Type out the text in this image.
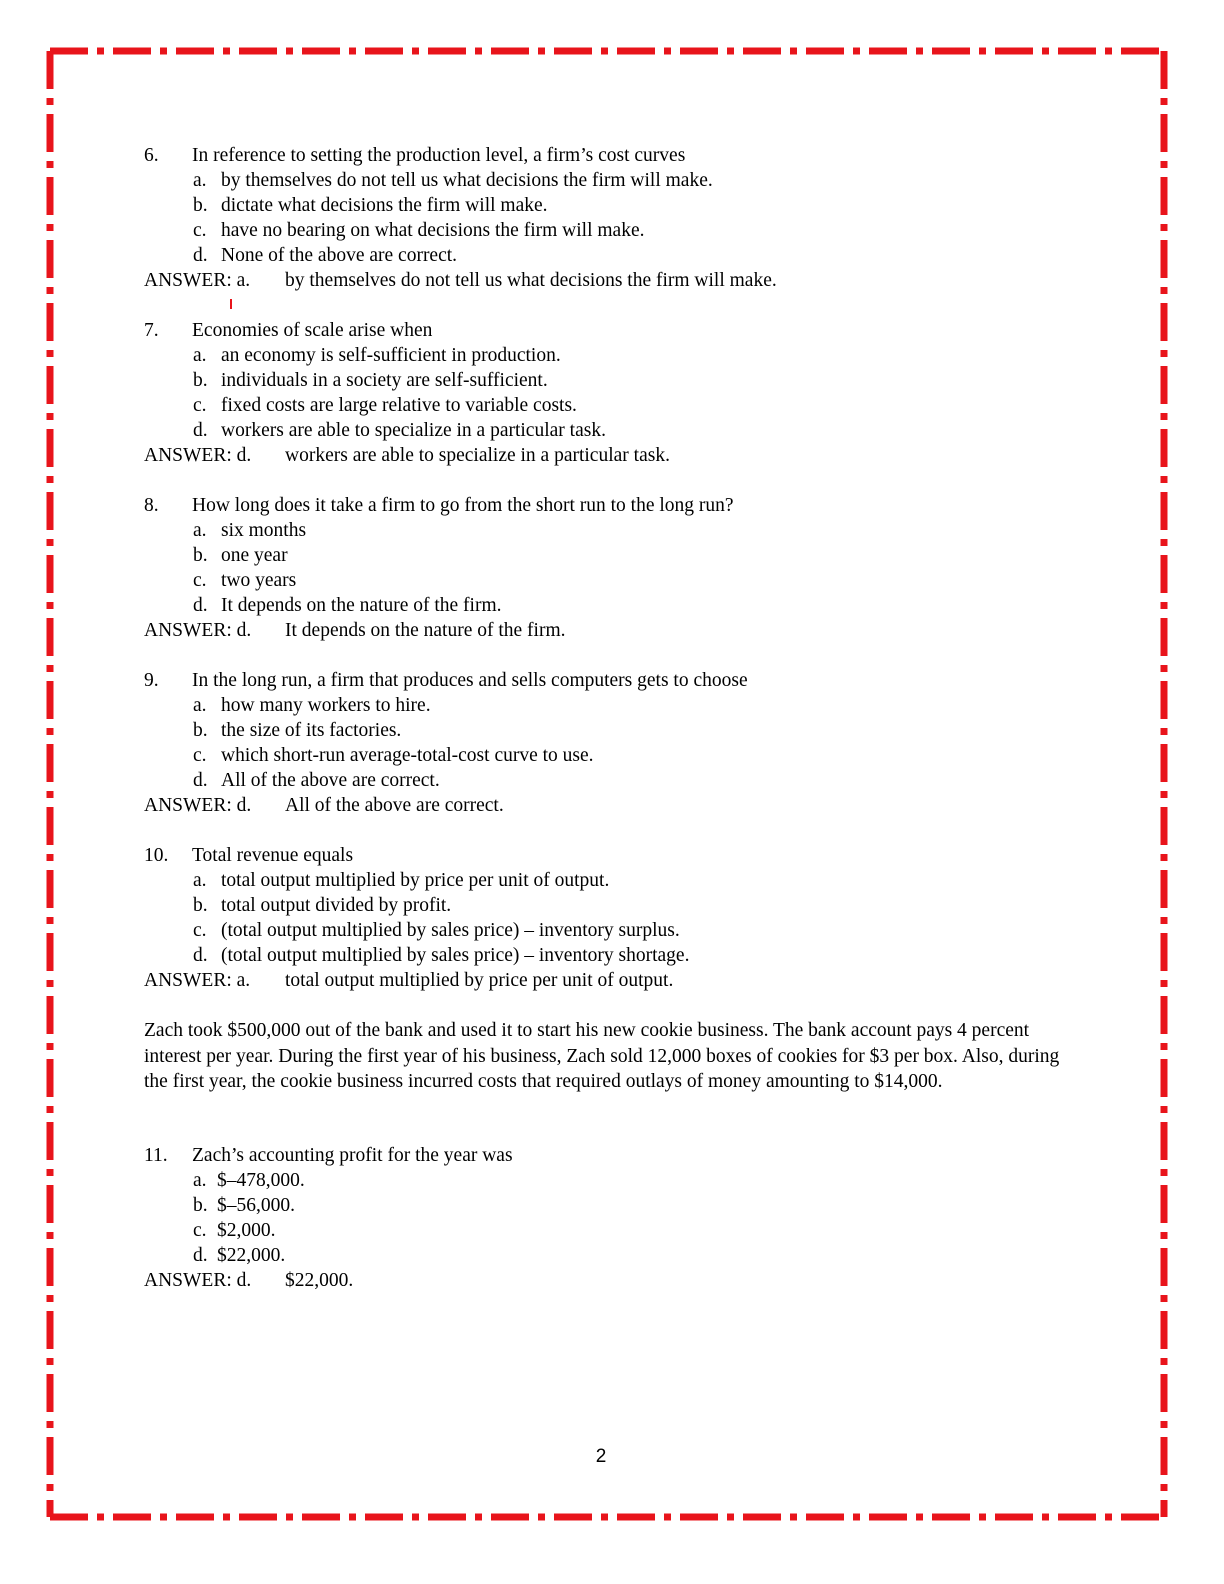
6. In reference to setting the production level, a firm’s cost curves
a. by themselves do not tell us what decisions the firm will make.
b. dictate what decisions the firm will make.
c. have no bearing on what decisions the firm will make.
d. None of the above are correct.
ANSWER: a. by themselves do not tell us what decisions the firm will make.
7. Economies of scale arise when
a. an economy is self-sufficient in production.
b. individuals in a society are self-sufficient.
c. fixed costs are large relative to variable costs.
d. workers are able to specialize in a particular task.
ANSWER: d. workers are able to specialize in a particular task.
8. How long does it take a firm to go from the short run to the long run?
a. six months
b. one year
c. two years
d. It depends on the nature of the firm.
ANSWER: d. It depends on the nature of the firm.
9. In the long run, a firm that produces and sells computers gets to choose
a. how many workers to hire.
b. the size of its factories.
c. which short-run average-total-cost curve to use.
d. All of the above are correct.
ANSWER: d. All of the above are correct.
10. Total revenue equals
a. total output multiplied by price per unit of output.
b. total output divided by profit.
c. (total output multiplied by sales price) – inventory surplus.
d. (total output multiplied by sales price) – inventory shortage.
ANSWER: a. total output multiplied by price per unit of output.
Zach took $500,000 out of the bank and used it to start his new cookie business. The bank account pays 4 percent interest per year. During the first year of his business, Zach sold 12,000 boxes of cookies for $3 per box. Also, during the first year, the cookie business incurred costs that required outlays of money amounting to $14,000.
11. Zach’s accounting profit for the year was
a. $–478,000.
b. $–56,000.
c. $2,000.
d. $22,000.
ANSWER: d. $22,000.
2
